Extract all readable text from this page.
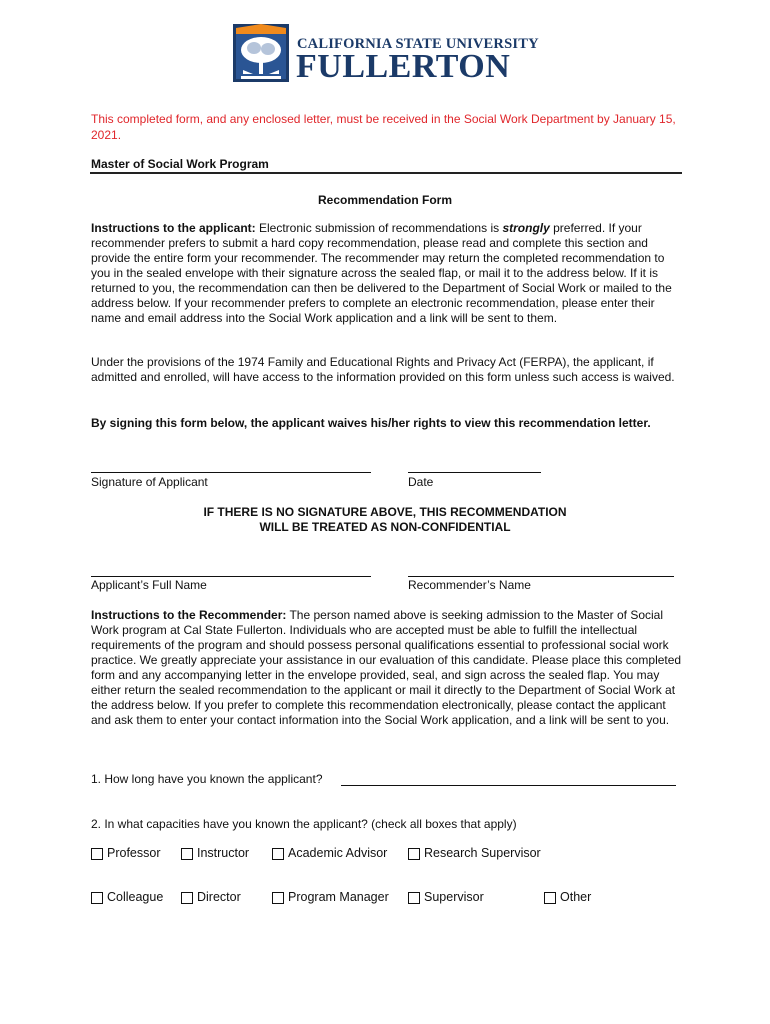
CALIFORNIA STATE UNIVERSITY
FULLERTON
This completed form, and any enclosed letter, must be received in the Social Work Department by January 15, 2021.
Master of Social Work Program
Recommendation Form
Instructions to the applicant: Electronic submission of recommendations is strongly preferred. If your recommender prefers to submit a hard copy recommendation, please read and complete this section and provide the entire form your recommender. The recommender may return the completed recommendation to you in the sealed envelope with their signature across the sealed flap, or mail it to the address below. If it is returned to you, the recommendation can then be delivered to the Department of Social Work or mailed to the address below. If your recommender prefers to complete an electronic recommendation, please enter their name and email address into the Social Work application and a link will be sent to them.
Under the provisions of the 1974 Family and Educational Rights and Privacy Act (FERPA), the applicant, if admitted and enrolled, will have access to the information provided on this form unless such access is waived.
By signing this form below, the applicant waives his/her rights to view this recommendation letter.
Signature of Applicant	Date
IF THERE IS NO SIGNATURE ABOVE, THIS RECOMMENDATION
WILL BE TREATED AS NON-CONFIDENTIAL
Applicant’s Full Name	Recommender’s Name
Instructions to the Recommender: The person named above is seeking admission to the Master of Social Work program at Cal State Fullerton. Individuals who are accepted must be able to fulfill the intellectual requirements of the program and should possess personal qualifications essential to professional social work practice. We greatly appreciate your assistance in our evaluation of this candidate. Please place this completed form and any accompanying letter in the envelope provided, seal, and sign across the sealed flap. You may either return the sealed recommendation to the applicant or mail it directly to the Department of Social Work at the address below. If you prefer to complete this recommendation electronically, please contact the applicant and ask them to enter your contact information into the Social Work application, and a link will be sent to you.
1. How long have you known the applicant?
2. In what capacities have you known the applicant? (check all boxes that apply)
Professor	Instructor	Academic Advisor	Research Supervisor
Colleague	Director	Program Manager	Supervisor	Other
